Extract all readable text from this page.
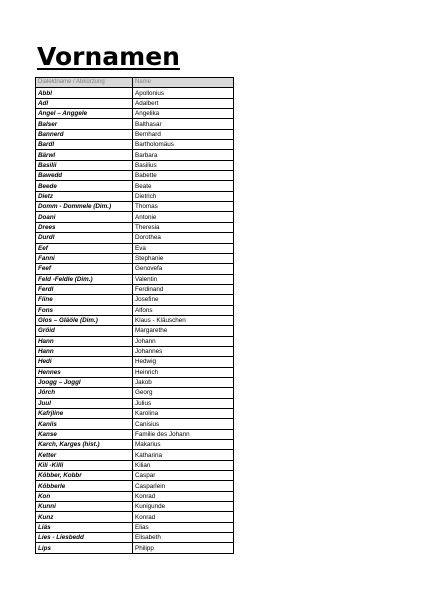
Vornamen
Dialektname / Abkürzung	Name
Abbl	Apollonius
Adl	Adalbert
Angel – Anggele	Angelika
Balser	Balthasar
Bannerd	Bernhard
Bardl	Bartholomäus
Bärwl	Barbara
Basilii	Basilius
Bawedd	Babette
Beede	Beate
Dietz	Dietrich
Domm - Dommele (Dim.)	Thomas
Doani	Antonie
Drees	Theresia
Durdl	Dorothea
Eef	Eva
Fanni	Stephanie
Feef	Genovefa
Feld -Feldle (Dim.)	Valentin
Ferdl	Ferdinand
Fiine	Josefine
Fons	Alfons
Glos – Gläöle (Dim.)	Klaus - Kläuschen
Gröid	Margarethe
Hann	Johann
Hann	Johannes
Hedi	Hedwig
Hennes	Heinrich
Joogg – Joggl	Jakob
Jörch	Georg
Juul	Julius
Kafrjline	Karolina
Kaniis	Canisius
Kanse	Familie des Johann
Karch, Karges (hist.)	Makarius
Ketter	Katharina
Kili -Killi	Kilian
Köbber, Kobbr	Caspar
Köbberle	Casparlein
Kon	Konrad
Kunni	Kunigunde
Kunz	Konrad
Liäs	Elias
Lies - Liesbedd	Elisabeth
Lips	Philipp
